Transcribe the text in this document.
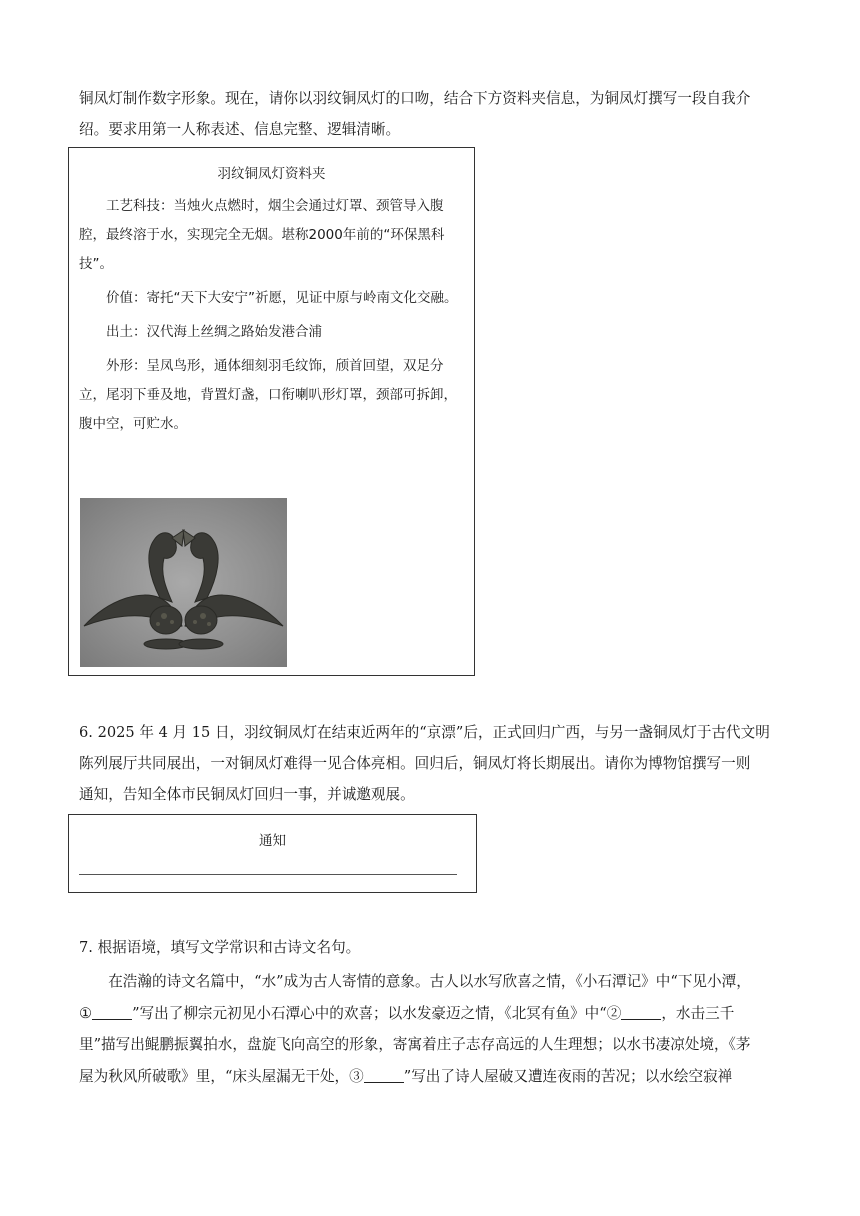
铜凤灯制作数字形象。现在，请你以羽纹铜凤灯的口吻，结合下方资料夹信息，为铜凤灯撰写一段自我介
绍。要求用第一人称表述、信息完整、逻辑清晰。

羽纹铜凤灯资料夹

工艺科技：当烛火点燃时，烟尘会通过灯罩、颈管导入腹腔，最终溶于水，实现完全无烟。堪称2000年前的“环保黑科技”。

价值：寄托“天下大安宁”祈愿，见证中原与岭南文化交融。

出土：汉代海上丝绸之路始发港合浦

外形：呈凤鸟形，通体细刻羽毛纹饰，颀首回望，双足分立，尾羽下垂及地，背置灯盏，口衔喇叭形灯罩，颈部可拆卸，腹中空，可贮水。

6. 2025 年 4 月 15 日，羽纹铜凤灯在结束近两年的“京漂”后，正式回归广西，与另一盏铜凤灯于古代文明
陈列展厅共同展出，一对铜凤灯难得一见合体亮相。回归后，铜凤灯将长期展出。请你为博物馆撰写一则
通知，告知全体市民铜凤灯回归一事，并诚邀观展。

通知

7. 根据语境，填写文学常识和古诗文名句。

在浩瀚的诗文名篇中，“水”成为古人寄情的意象。古人以水写欣喜之情，《小石潭记》中“下见小潭，
①	”写出了柳宗元初见小石潭心中的欢喜；以水发豪迈之情，《北冥有鱼》中“②	，水击三千
里”描写出鲲鹏振翼拍水，盘旋飞向高空的形象，寄寓着庄子志存高远的人生理想；以水书凄凉处境，《茅
屋为秋风所破歌》里，“床头屋漏无干处，③	”写出了诗人屋破又遭连夜雨的苦况；以水绘空寂禅
